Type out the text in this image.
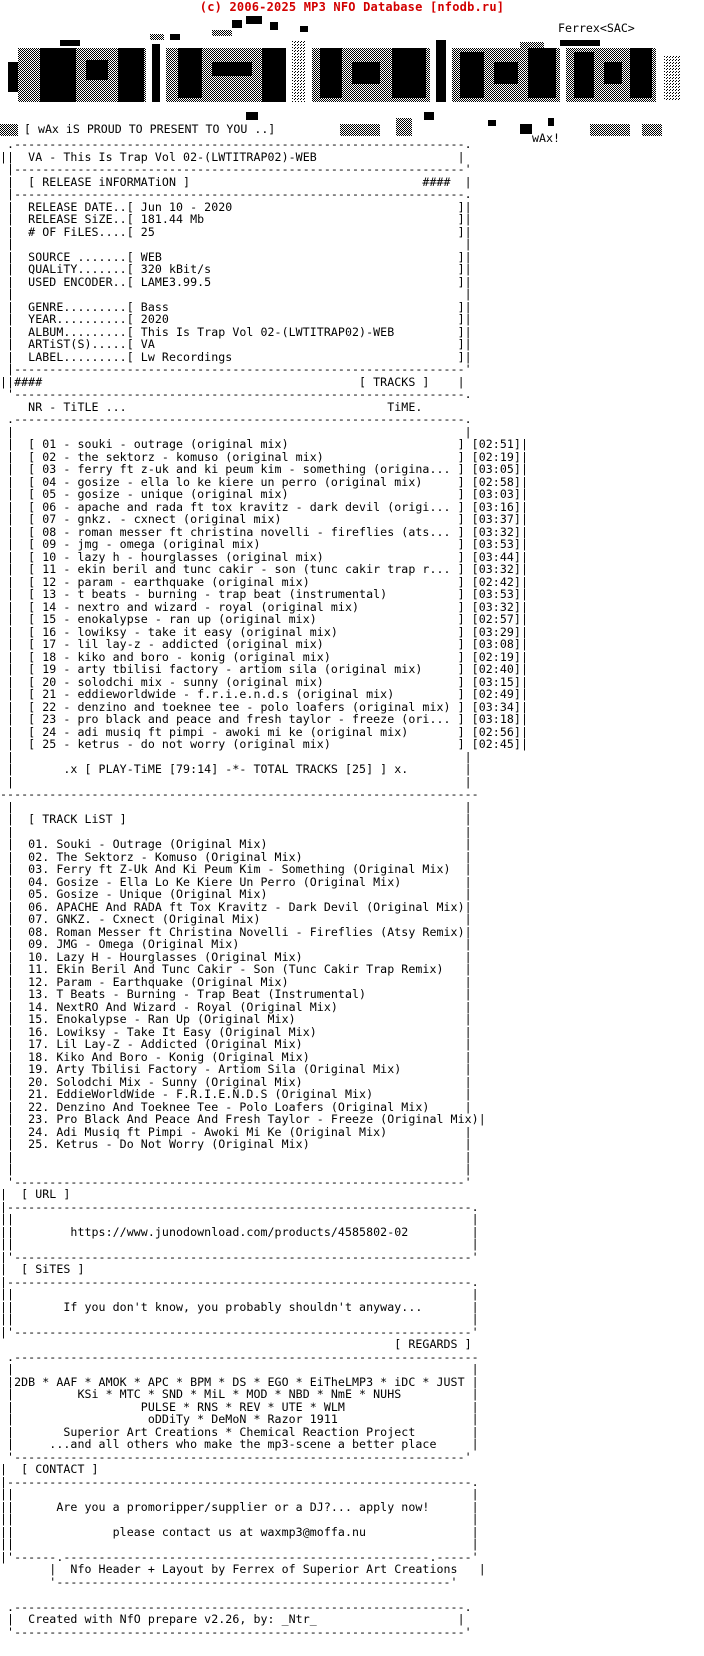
(c) 2006-2025 MP3 NFO Database [nfodb.ru]
Ferrex<SAC>
[ wAx iS PROUD TO PRESENT TO YOU ..]
wAx!
.----------------------------------------------------------------.
||  VA - This Is Trap Vol 02-(LWTITRAP02)-WEB                    |
|----------------------------------------------------------------'
|  [ RELEASE iNFORMATiON ]                                 ####  |
|----------------------------------------------------------------.
|  RELEASE DATE..[ Jun 10 - 2020                                ]|
|  RELEASE SiZE..[ 181.44 Mb                                    ]|
|  # OF FiLES....[ 25                                           ]|
|                                                                |
|  SOURCE .......[ WEB                                          ]|
|  QUALiTY.......[ 320 kBit/s                                   ]|
|  USED ENCODER..[ LAME3.99.5                                   ]|
|                                                                |
|  GENRE.........[ Bass                                         ]|
|  YEAR..........[ 2020                                         ]|
|  ALBUM.........[ This Is Trap Vol 02-(LWTITRAP02)-WEB         ]|
|  ARTiST(S).....[ VA                                           ]|
|  LABEL.........[ Lw Recordings                                ]|
|----------------------------------------------------------------'
||####                                             [ TRACKS ]    |
'----------------------------------------------------------------.
NR - TiTLE ...                                     TiME.
.----------------------------------------------------------------.
|                                                                |
|  [ 01 - souki - outrage (original mix)                        ] [02:51]|
|  [ 02 - the sektorz - komuso (original mix)                   ] [02:19]|
|  [ 03 - ferry ft z-uk and ki peum kim - something (origina... ] [03:05]|
|  [ 04 - gosize - ella lo ke kiere un perro (original mix)     ] [02:58]|
|  [ 05 - gosize - unique (original mix)                        ] [03:03]|
|  [ 06 - apache and rada ft tox kravitz - dark devil (origi... ] [03:16]|
|  [ 07 - gnkz. - cxnect (original mix)                         ] [03:37]|
|  [ 08 - roman messer ft christina novelli - fireflies (ats... ] [03:32]|
|  [ 09 - jmg - omega (original mix)                            ] [03:53]|
|  [ 10 - lazy h - hourglasses (original mix)                   ] [03:44]|
|  [ 11 - ekin beril and tunc cakir - son (tunc cakir trap r... ] [03:32]|
|  [ 12 - param - earthquake (original mix)                     ] [02:42]|
|  [ 13 - t beats - burning - trap beat (instrumental)          ] [03:53]|
|  [ 14 - nextro and wizard - royal (original mix)              ] [03:32]|
|  [ 15 - enokalypse - ran up (original mix)                    ] [02:57]|
|  [ 16 - lowiksy - take it easy (original mix)                 ] [03:29]|
|  [ 17 - lil lay-z - addicted (original mix)                   ] [03:08]|
|  [ 18 - kiko and boro - konig (original mix)                  ] [02:19]|
|  [ 19 - arty tbilisi factory - artiom sila (original mix)     ] [02:40]|
|  [ 20 - solodchi mix - sunny (original mix)                   ] [03:15]|
|  [ 21 - eddieworldwide - f.r.i.e.n.d.s (original mix)         ] [02:49]|
|  [ 22 - denzino and toeknee tee - polo loafers (original mix) ] [03:34]|
|  [ 23 - pro black and peace and fresh taylor - freeze (ori... ] [03:18]|
|  [ 24 - adi musiq ft pimpi - awoki mi ke (original mix)       ] [02:56]|
|  [ 25 - ketrus - do not worry (original mix)                  ] [02:45]|
|                                                                |
|       .x [ PLAY-TiME [79:14] -*- TOTAL TRACKS [25] ] x.        |
|                                                                |
--------------------------------------------------------------------
|                                                                |
|  [ TRACK LiST ]                                                |
|                                                                |
|  01. Souki - Outrage (Original Mix)                            |
|  02. The Sektorz - Komuso (Original Mix)                       |
|  03. Ferry ft Z-Uk And Ki Peum Kim - Something (Original Mix)  |
|  04. Gosize - Ella Lo Ke Kiere Un Perro (Original Mix)         |
|  05. Gosize - Unique (Original Mix)                            |
|  06. APACHE And RADA ft Tox Kravitz - Dark Devil (Original Mix)|
|  07. GNKZ. - Cxnect (Original Mix)                             |
|  08. Roman Messer ft Christina Novelli - Fireflies (Atsy Remix)|
|  09. JMG - Omega (Original Mix)                                |
|  10. Lazy H - Hourglasses (Original Mix)                       |
|  11. Ekin Beril And Tunc Cakir - Son (Tunc Cakir Trap Remix)   |
|  12. Param - Earthquake (Original Mix)                         |
|  13. T Beats - Burning - Trap Beat (Instrumental)              |
|  14. NextRO And Wizard - Royal (Original Mix)                  |
|  15. Enokalypse - Ran Up (Original Mix)                        |
|  16. Lowiksy - Take It Easy (Original Mix)                     |
|  17. Lil Lay-Z - Addicted (Original Mix)                       |
|  18. Kiko And Boro - Konig (Original Mix)                      |
|  19. Arty Tbilisi Factory - Artiom Sila (Original Mix)         |
|  20. Solodchi Mix - Sunny (Original Mix)                       |
|  21. EddieWorldWide - F.R.I.E.N.D.S (Original Mix)             |
|  22. Denzino And Toeknee Tee - Polo Loafers (Original Mix)     |
|  23. Pro Black And Peace And Fresh Taylor - Freeze (Original Mix)|
|  24. Adi Musiq ft Pimpi - Awoki Mi Ke (Original Mix)           |
|  25. Ketrus - Do Not Worry (Original Mix)                      |
|                                                                |
|                                                                |
'----------------------------------------------------------------'
|  [ URL ]
|------------------------------------------------------------------.
||                                                                 |
||        https://www.junodownload.com/products/4585802-02         |
||                                                                 |
|'-----------------------------------------------------------------'
|  [ SiTES ]
|------------------------------------------------------------------.
||                                                                 |
||       If you don't know, you probably shouldn't anyway...       |
||                                                                 |
|'-----------------------------------------------------------------'
[ REGARDS ]
.------------------------------------------------------------------
|                                                                 |
|2DB * AAF * AMOK * APC * BPM * DS * EGO * EiTheLMP3 * iDC * JUST |
|         KSi * MTC * SND * MiL * MOD * NBD * NmE * NUHS          |
|                  PULSE * RNS * REV * UTE * WLM                  |
|                   oDDiTy * DeMoN * Razor 1911                   |
|       Superior Art Creations * Chemical Reaction Project        |
|     ...and all others who make the mp3-scene a better place     |
'----------------------------------------------------------------'
|  [ CONTACT ]
|------------------------------------------------------------------.
||                                                                 |
||      Are you a promoripper/supplier or a DJ?... apply now!      |
||                                                                 |
||              please contact us at waxmp3@moffa.nu               |
||                                                                 |
|'------.----------------------------------------------------.-----'
|  Nfo Header + Layout by Ferrex of Superior Art Creations   |
'--------------------------------------------------------'

.----------------------------------------------------------------.
|  Created with NfO prepare v2.26, by: _Ntr_                    |
'----------------------------------------------------------------'
